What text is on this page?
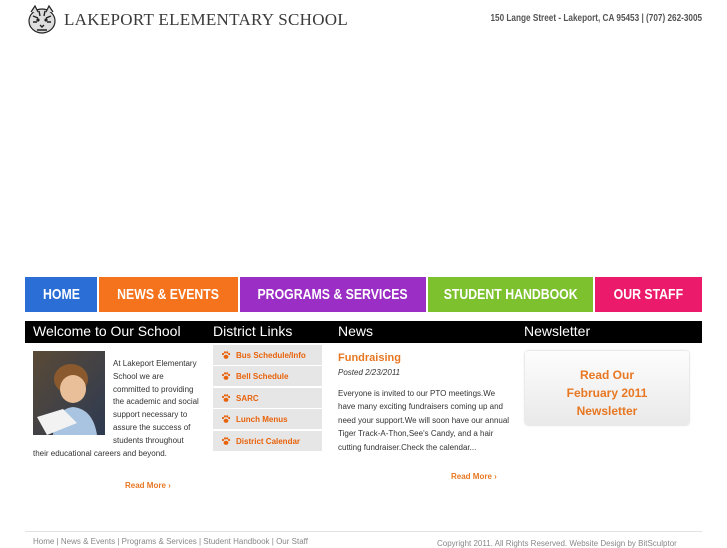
LAKEPORT ELEMENTARY SCHOOL	150 Lange Street - Lakeport, CA 95453 | (707) 262-3005
HOME	NEWS & EVENTS	PROGRAMS & SERVICES STUDENT HANDBOOK OUR STAFF
Welcome to Our School District Links	News	Newsletter
At Lakeport Elementary School we are committed to providing the academic and social support necessary to assure the success of students throughout their educational careers and beyond.
Read More ›
Bus Schedule/Info
Bell Schedule
SARC
Lunch Menus
District Calendar
Fundraising
Posted 2/23/2011
Everyone is invited to our PTO meetings.We have many exciting fundraisers coming up and need your support.We will soon have our annual Tiger Track-A-Thon,See's Candy, and a hair cutting fundraiser.Check the calendar...
Read More ›
Read Our
February 2011
Newsletter
Home | News & Events | Programs & Services | Student Handbook | Our Staff	Copyright 2011. All Rights Reserved. Website Design by BitSculptor
